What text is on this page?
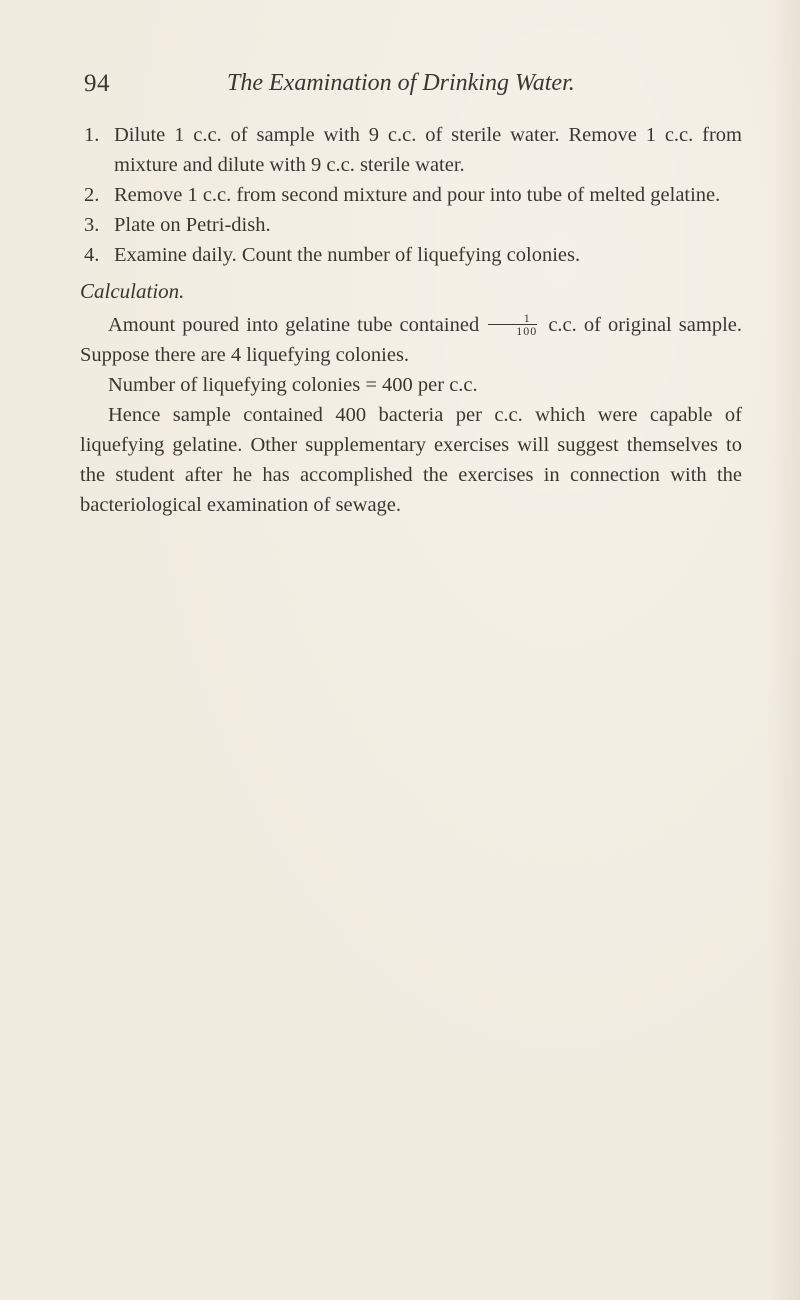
94	The Examination of Drinking Water.
1. Dilute 1 c.c. of sample with 9 c.c. of sterile water. Remove 1 c.c. from mixture and dilute with 9 c.c. sterile water.
2. Remove 1 c.c. from second mixture and pour into tube of melted gelatine.
3. Plate on Petri-dish.
4. Examine daily. Count the number of liquefying colonies.
Calculation.
Amount poured into gelatine tube contained $\frac{1}{100} c.c$. of original sample. Suppose there are 4 liquefying colonies.
Number of liquefying colonies = 400 per c.c.
Hence sample contained 400 bacteria per c.c. which were capable of liquefying gelatine. Other supplementary exercises will suggest themselves to the student after he has accomplished the exercises in connection with the bacteriological examination of sewage.
